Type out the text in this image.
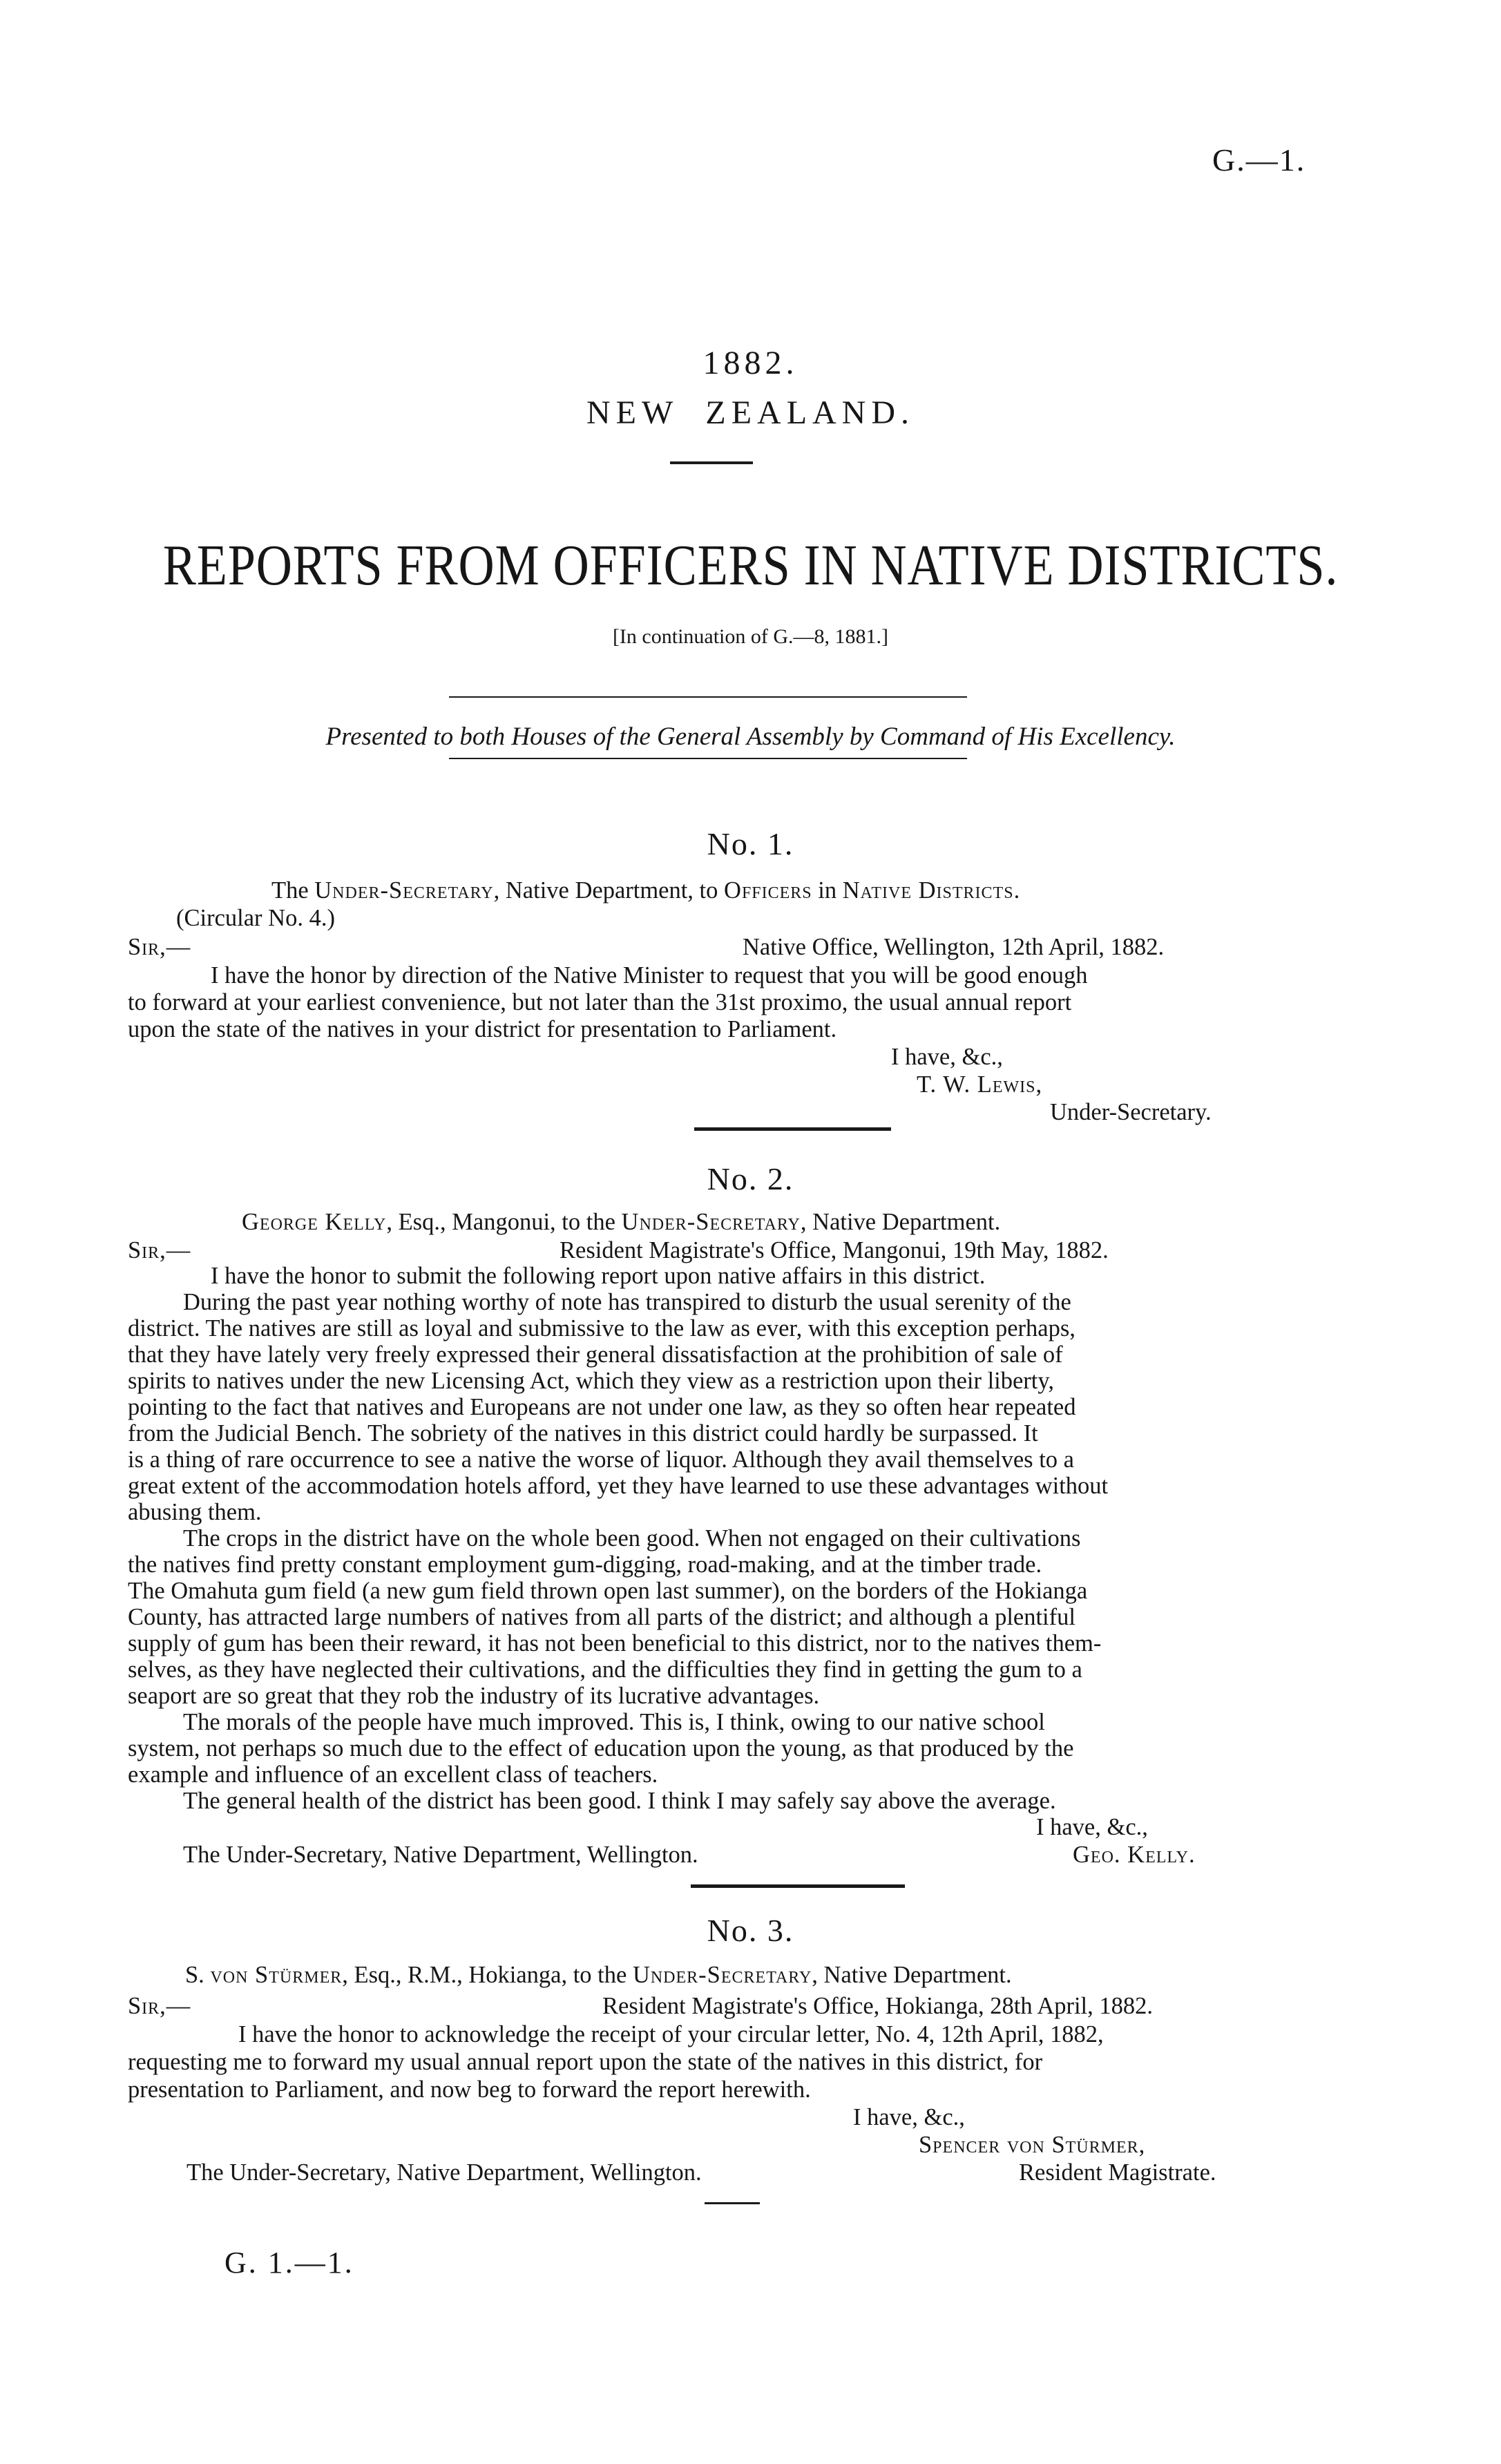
G.—1.
1882.
NEW  ZEALAND.
REPORTS FROM OFFICERS IN NATIVE DISTRICTS.
[In continuation of G.—8, 1881.]
Presented to both Houses of the General Assembly by Command of His Excellency.
No. 1.
The Under-Secretary, Native Department, to Officers in Native Districts.
(Circular No. 4.)
Sir,—	Native Office, Wellington, 12th April, 1882.
I have the honor by direction of the Native Minister to request that you will be good enough
to forward at your earliest convenience, but not later than the 31st proximo, the usual annual report
upon the state of the natives in your district for presentation to Parliament.
I have, &c.,
T. W. Lewis,
Under-Secretary.
No. 2.
George Kelly, Esq., Mangonui, to the Under-Secretary, Native Department.
Sir,—	Resident Magistrate's Office, Mangonui, 19th May, 1882.
I have the honor to submit the following report upon native affairs in this district.
During the past year nothing worthy of note has transpired to disturb the usual serenity of the
district. The natives are still as loyal and submissive to the law as ever, with this exception perhaps,
that they have lately very freely expressed their general dissatisfaction at the prohibition of sale of
spirits to natives under the new Licensing Act, which they view as a restriction upon their liberty,
pointing to the fact that natives and Europeans are not under one law, as they so often hear repeated
from the Judicial Bench. The sobriety of the natives in this district could hardly be surpassed. It
is a thing of rare occurrence to see a native the worse of liquor. Although they avail themselves to a
great extent of the accommodation hotels afford, yet they have learned to use these advantages without
abusing them.
The crops in the district have on the whole been good. When not engaged on their cultivations
the natives find pretty constant employment gum-digging, road-making, and at the timber trade.
The Omahuta gum field (a new gum field thrown open last summer), on the borders of the Hokianga
County, has attracted large numbers of natives from all parts of the district; and although a plentiful
supply of gum has been their reward, it has not been beneficial to this district, nor to the natives them-
selves, as they have neglected their cultivations, and the difficulties they find in getting the gum to a
seaport are so great that they rob the industry of its lucrative advantages.
The morals of the people have much improved. This is, I think, owing to our native school
system, not perhaps so much due to the effect of education upon the young, as that produced by the
example and influence of an excellent class of teachers.
The general health of the district has been good. I think I may safely say above the average.
I have, &c.,
The Under-Secretary, Native Department, Wellington.	Geo. Kelly.
No. 3.
S. von Stürmer, Esq., R.M., Hokianga, to the Under-Secretary, Native Department.
Sir,—	Resident Magistrate's Office, Hokianga, 28th April, 1882.
I have the honor to acknowledge the receipt of your circular letter, No. 4, 12th April, 1882,
requesting me to forward my usual annual report upon the state of the natives in this district, for
presentation to Parliament, and now beg to forward the report herewith.
I have, &c.,
Spencer von Stürmer,
The Under-Secretary, Native Department, Wellington.	Resident Magistrate.
G. 1.—1.
